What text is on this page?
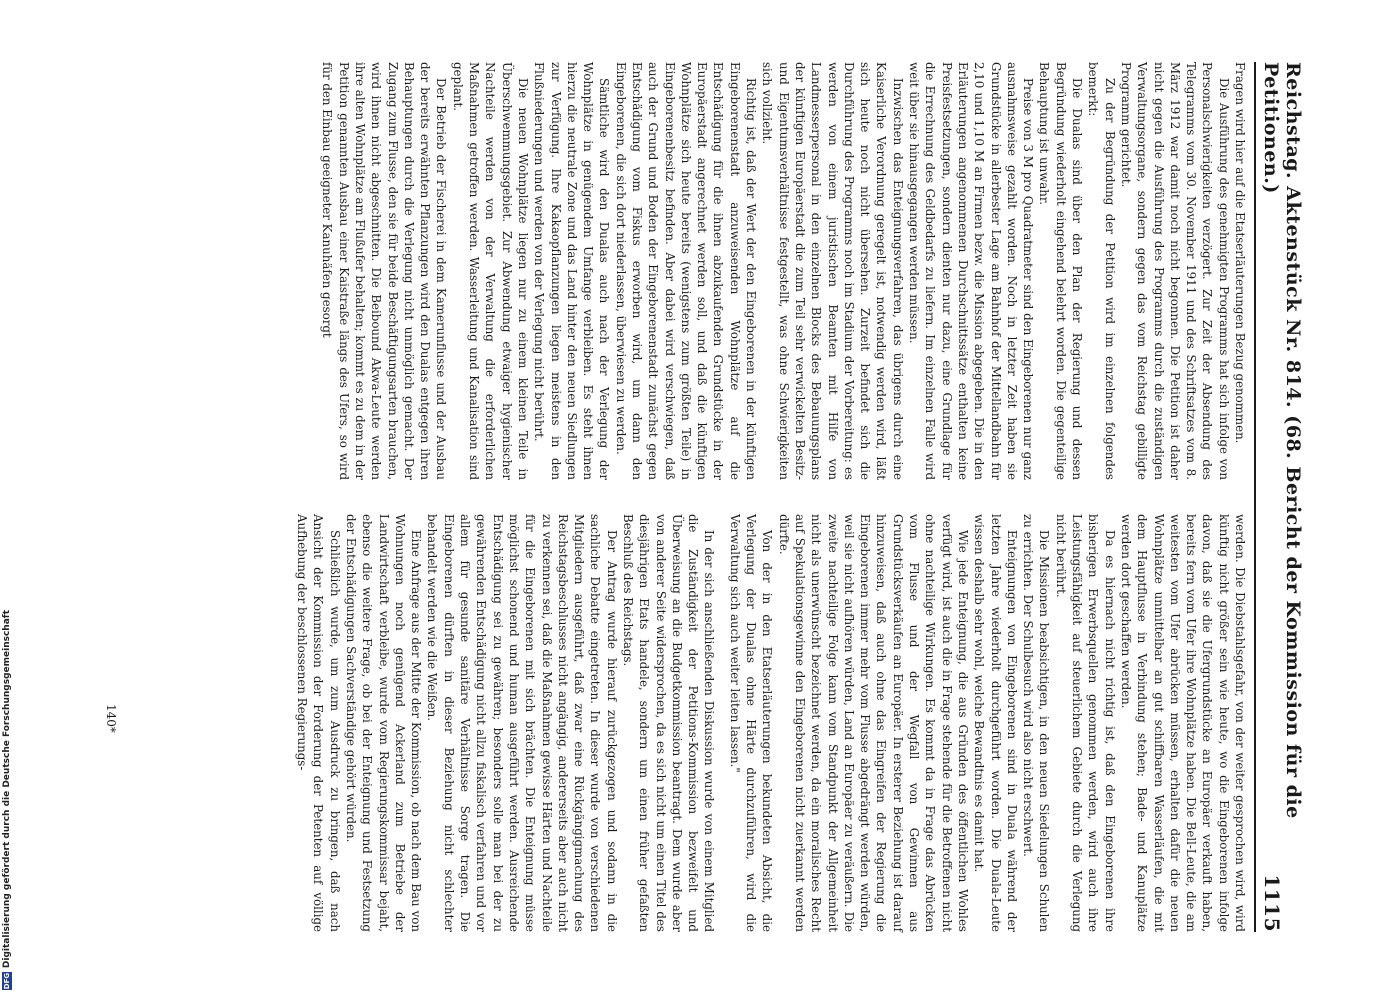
Reichstag. Aktenstück Nr. 814. (68. Bericht der Kommission für die Petitionen.)
1115

Fragen wird hier auf die Etatserläuterungen Bezug genommen.

Die Ausführung des genehmigten Programms hat sich infolge von Personalschwierigkeiten verzögert. Zur Zeit der Absendung des Telegramms vom 30. November 1911 und des Schriftsatzes vom 8. März 1912 war damit noch nicht begonnen. Die Petition ist daher nicht gegen die Ausführung des Programms durch die zuständigen Verwaltungsorgane, sondern gegen das vom Reichstag gebilligte Programm gerichtet.

Zu der Begründung der Petition wird im einzelnen folgendes bemerkt:

Die Dualas sind über den Plan der Regierung und dessen Begründung wiederholt eingehend belehrt worden. Die gegenteilige Behauptung ist unwahr.

Preise von 3 M pro Quadratmeter sind den Eingeborenen nur ganz ausnahmsweise gezahlt worden. Noch in letzter Zeit haben sie Grundstücke in allerbester Lage am Bahnhof der Mittellandbahn für 2,10 und 1,10 M an Firmen bezw. die Mission abgegeben. Die in den Erläuterungen angenommenen Durchschnittssätze enthalten keine Preisfestsetzungen, sondern dienten nur dazu, eine Grundlage für die Errechnung des Geldbedarfs zu liefern. Im einzelnen Falle wird weit über sie hinausgegangen werden müssen.

Inzwischen das Enteignungsverfahren, das übrigens durch eine Kaiserliche Verordnung geregelt ist, notwendig werden wird, läßt sich heute noch nicht übersehen. Zurzeit befindet sich die Durchführung des Programms noch im Stadium der Vorbereitung: es werden von einem juristischen Beamten mit Hilfe von Landmesserpersonal in den einzelnen Blocks des Bebauungsplans der künftigen Europäerstadt die zum Teil sehr verwickelten Besitz- und Eigentumsverhältnisse festgestellt, was ohne Schwierigkeiten sich vollzieht.

Richtig ist, daß der Wert der den Eingeborenen in der künftigen Eingeborenenstadt anzuweisenden Wohnplätze auf die Entschädigung für die ihnen abzukaufenden Grundstücke in der Europäerstadt angerechnet werden soll, und daß die künftigen Wohnplätze sich heute bereits (wenigstens zum größten Teile) in Eingeborenenbesitz befinden. Aber dabei wird verschwiegen, daß auch der Grund und Boden der Eingeborenenstadt zunächst gegen Entschädigung vom Fiskus erworben wird, um dann den Eingeborenen, die sich dort niederlassen, überwiesen zu werden.

Sämtliche wird den Dualas auch nach der Verlegung der Wohnplätze in genügendem Umfange verbleiben. Es steht ihnen hierzu die neutrale Zone und das Land hinter den neuen Siedlungen zur Verfügung. Ihre Kakaopflanzungen liegen meistens in den Flußniederungen und werden von der Verlegung nicht berührt.

Die neuen Wohnplätze liegen nur zu einem kleinen Teile in Überschwemmungsgebiet. Zur Abwendung etwaiger hygienischer Nachteile werden von der Verwaltung die erforderlichen Maßnahmen getroffen werden. Wasserleitung und Kanalisation sind geplant.

Der Betrieb der Fischerei in dem Kamerunflusse und der Ausbau der bereits erwähnten Pflanzungen wird den Dualas entgegen ihren Behauptungen durch die Verlegung nicht unmöglich gemacht. Der Zugang zum Flusse, den sie für beide Beschäftigungsarten brauchen, wird ihnen nicht abgeschnitten. Die Beibound Akwa-Leute werden ihre alten Wohnplätze am Flußufer behalten; kommt es zu dem in der Petition genannten Ausbau einer Kaistraße längs des Ufers, so wird für den Einbau geeigneter Kanuhäfen gesorgt

werden. Die Diebstahlsgefahr, von der weiter gesprochen wird, wird künftig nicht größer sein wie heute, wo die Eingeborenen infolge davon, daß sie die Ufergrundstücke an Europäer verkauft haben, bereits fern vom Ufer ihre Wohnplätze haben. Die Bell-Leute, die am weitesten vom Ufer abrücken müssen, erhalten dafür die neuen Wohnplätze unmittelbar an gut schiffbaren Wasserläufen, die mit dem Hauptflusse in Verbindung stehen; Bade- und Kanuplätze werden dort geschaffen werden.

Da es hiernach nicht richtig ist, daß den Eingeborenen ihre bisherigen Erwerbsquellen genommen werden, wird auch ihre Leistungsfähigkeit auf steuerlichem Gebiete durch die Verlegung nicht berührt.

Die Missionen beabsichtigen, in den neuen Siedelungen Schulen zu errichten. Der Schulbesuch wird also nicht erschwert.

Enteignungen von Eingeborenen sind in Duala während der letzten Jahre wiederholt durchgeführt worden. Die Duala-Leute wissen deshalb sehr wohl, welche Bewandtnis es damit hat.

Wie jede Enteignung, die aus Gründen des öffentlichen Wohles verfügt wird, ist auch die in Frage stehende für die Betroffenen nicht ohne nachteilige Wirkungen. Es kommt da in Frage das Abrücken vom Flusse und der Wegfall von Gewinnen aus Grundstücksverkäufen an Europäer. In ersterer Beziehung ist darauf hinzuweisen, daß auch ohne das Eingreifen der Regierung die Eingeborenen immer mehr vom Flusse abgedrängt werden würden, weil sie nicht aufhören würden, Land an Europäer zu veräußern. Die zweite nachteilige Folge kann vom Standpunkt der Allgemeinheit nicht als unerwünscht bezeichnet werden, da ein moralisches Recht auf Spekulationsgewinne den Eingeborenen nicht zuerkannt werden dürfte.

Von der in den Etatserläuterungen bekundeten Absicht, die Verlegung der Dualas ohne Härte durchzuführen, wird die Verwaltung sich auch weiter leiten lassen."

In der sich anschließenden Diskussion wurde von einem Mitglied die Zuständigkeit der Petitions-Kommission bezweifelt und Überweisung an die Budgetkommission beantragt. Dem wurde aber von anderer Seite widersprochen, da es sich nicht um einen Titel des diesjährigen Etats handele, sondern um einen früher gefaßten Beschluß des Reichstags.

Der Antrag wurde hierauf zurückgezogen und sodann in die sachliche Debatte eingetreten. In dieser wurde von verschiedenen Mitgliedern ausgeführt, daß zwar eine Rückgängigmachung des Reichstagsbeschlusses nicht angängig, andererseits aber auch nicht zu verkennen sei, daß die Maßnahmen gewisse Härten und Nachteile für die Eingeborenen mit sich brächten. Die Enteignung müsse möglichst schonend und human ausgeführt werden. Ausreichende Entschädigung sei zu gewähren; besonders solle man bei der zu gewährenden Entschädigung nicht allzu fiskalisch verfahren und vor allem für gesunde sanitäre Verhältnisse Sorge tragen. Die Eingeborenen dürften in dieser Beziehung nicht schlechter behandelt werden wie die Weißen.

Eine Anfrage aus der Mitte der Kommission, ob nach dem Bau von Wohnungen noch genügend Ackerland zum Betriebe der Landwirtschaft verbleibe, wurde vom Regierungskommissar bejaht, ebenso die weitere Frage, ob bei der Enteignung und Festsetzung der Entschädigungen Sachverständige gehört würden.

Schließlich wurde, um zum Ausdruck zu bringen, daß nach Ansicht der Kommission der Forderung der Petenten auf völlige Aufhebung der beschlossenen Regierungs-

140*
DFG
Digitalisierung gefördert durch die Deutsche Forschungsgemeinschaft
